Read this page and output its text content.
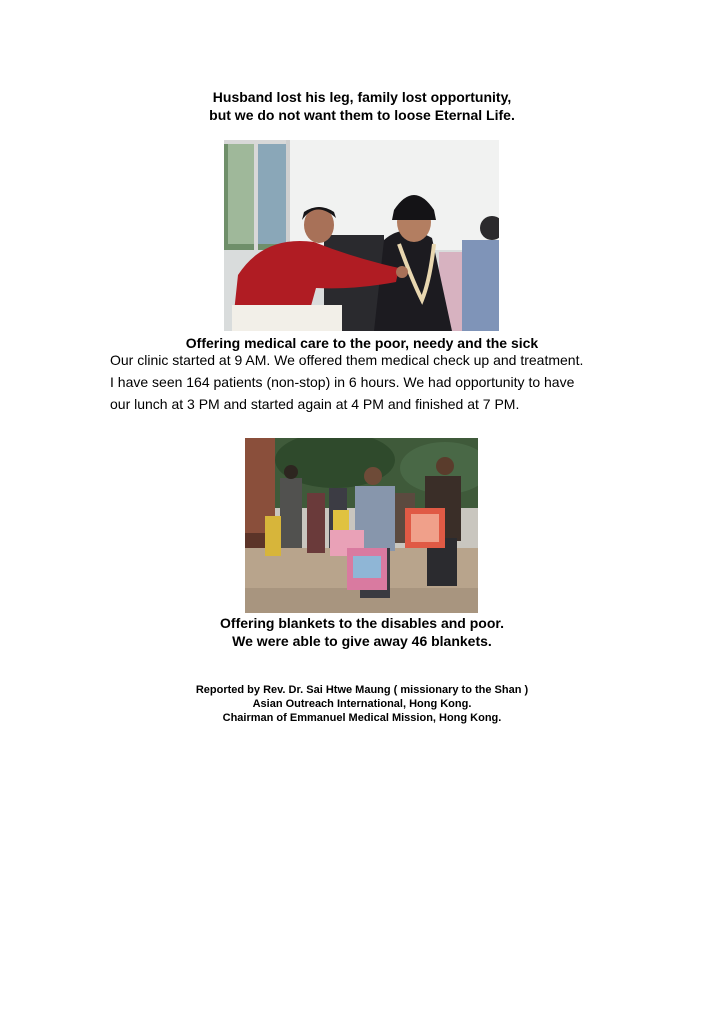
Husband lost his leg, family lost opportunity,
but we do not want them to loose Eternal Life.
Offering medical care to the poor, needy and the sick
Our clinic started at 9 AM. We offered them medical check up and treatment.
I have seen 164 patients (non-stop) in 6 hours. We had opportunity to have
our lunch at 3 PM and started again at 4 PM and finished at 7 PM.
Offering blankets to the disables and poor.
We were able to give away 46 blankets.
Reported by Rev. Dr. Sai Htwe Maung ( missionary to the Shan )
Asian Outreach International, Hong Kong.
Chairman of Emmanuel Medical Mission, Hong Kong.
